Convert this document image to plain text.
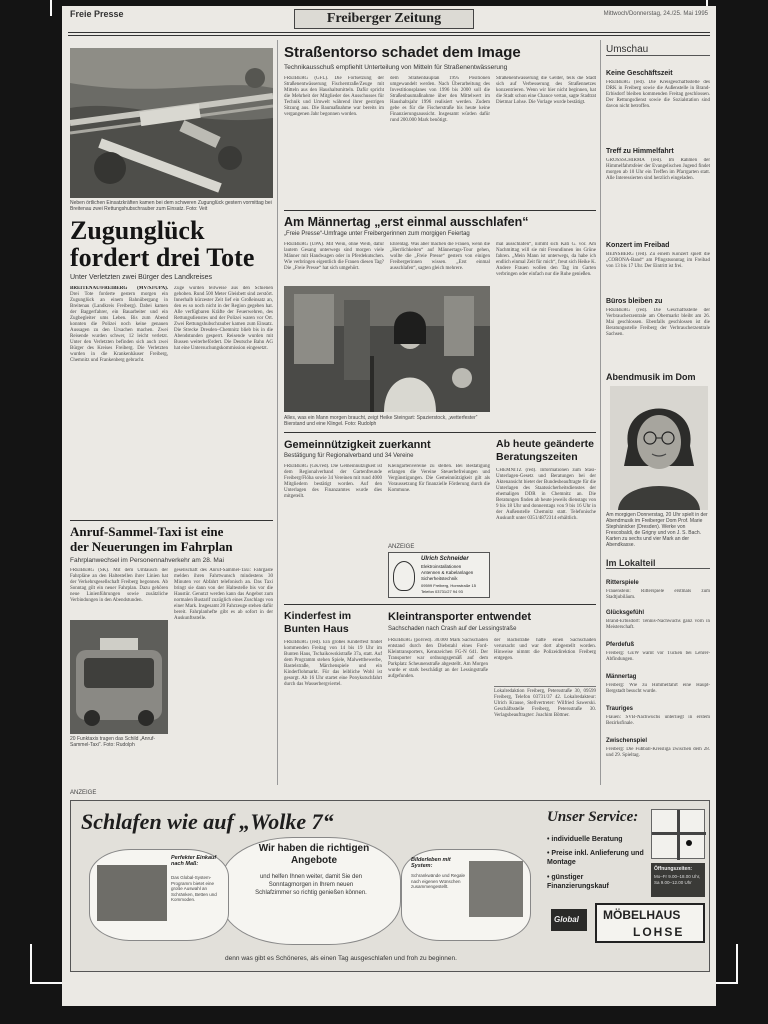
Freie Presse	Freiberger Zeitung	Mittwoch/Donnerstag, 24./25. Mai 1995
Neben örtlichen Einsatzkräften kamen bei dem schweren Zugunglück gestern vormittag bei Breitenau zwei Rettungshubschrauber zum Einsatz. Foto: Veit
Zugunglück
fordert drei Tote
Unter Verletzten zwei Bürger des Landkreises
BREITENAU/FREIBERG (MV/SJ/UPA). Drei Tote forderte gestern morgen ein Zugunglück an einem Bahnübergang in Breitenau (Landkreis Freiberg). Dabei kamen der Baggerfahrer, ein Bauarbeiter und ein Zugbegleiter ums Leben. Bis zum Abend konnten die Polizei noch keine genauen Aussagen zu den Ursachen machen. Zwei Reisende wurden schwer, 12 leicht verletzt. Unter den Verletzten befinden sich auch zwei Bürger des Kreises Freiberg. Die Verletzten wurden in die Krankenhäuser Freiberg, Chemnitz und Frankenberg gebracht.
Züge wurden teilweise aus den Schienen gehoben. Rund 500 Meter Gleisbett sind zerstört. Innerhalb kürzester Zeit lief ein Großeinsatz an, den es so noch nicht in der Region gegeben hat. Alle verfügbaren Kräfte der Feuerwehren, des Rettungsdienstes und der Polizei waren vor Ort. Zwei Rettungshubschrauber kamen zum Einsatz. Die Strecke Dresden–Chemnitz blieb bis in die Abendstunden gesperrt. Reisende wurden mit Bussen weiterbefördert. Die Deutsche Bahn AG hat eine Untersuchungskommission eingesetzt.
Anruf-Sammel-Taxi ist eine
der Neuerungen im Fahrplan
Fahrplanwechsel im Personennahverkehr am 28. Mai
FREIBERG (SK). Mit dem Umtausch der Fahrpläne an den Haltestellen ihrer Linien hat der Verkehrsgesellschaft Freiberg begonnen. Ab Sonntag gilt ein neuer Fahrplan. Dazu gehören neue Linienführungen sowie zusätzliche Verbindungen in den Abendstunden.
20 Funktaxis tragen das Schild „Anruf-Sammel-Taxi“. Foto: Rudolph
gesellschaft des Anruf-Sammel-Taxi: Fahrgäste melden ihren Fahrtwunsch mindestens 30 Minuten vor Abfahrt telefonisch an. Das Taxi bringt sie dann von der Haltestelle bis vor die Haustür. Genutzt werden kann das Angebot zum normalen Bustarif zuzüglich eines Zuschlags von einer Mark. Insgesamt 20 Fahrzeuge stehen dafür bereit. Fahrplanhefte gibt es ab sofort in der Auskunftsstelle.
Straßentorso schadet dem Image
Technikausschuß empfiehlt Unterteilung von Mitteln für Straßenentwässerung
FREIBERG (GFL). Die Fortsetzung der Straßenentwässerung Fischerstraße/Zeuge mit Mitteln aus den Haushaltsmitteln. Dafür spricht die Mehrheit der Mitglieder des Ausschusses für Technik und Umwelt während ihrer gestrigen Sitzung aus. Die Baumaßnahme war bereits im vergangenen Jahr begonnen worden.
dem Straßenbauplan 1995 Positionen umgewandelt werden. Nach Überarbeitung des Investitionsplanes von 1996 bis 2000 soll die Straßenbaumaßnahme über den Mittelwert im Haushaltsjahr 1996 realisiert werden. Zudem gebe es für die Fischerstraße bis heute keine Finanzierungsaussicht. Insgesamt würden dafür rund 200.000 Mark benötigt.
Straßenentwässerung die Gelder, teils die Stadt sich auf Verbesserung des Straßennetzes konzentrieren. Wenn wir hier nicht beginnen, hat die Stadt schon eine Chance vertan, sagte Stadtrat Dietmar Lohse. Die Vorlage wurde bestätigt.
Am Männertag „erst einmal ausschlafen“
„Freie Presse“-Umfrage unter Freibergerinnen zum morgigen Feiertag
FREIBERG (UPA). Mit Wein, ohne Weib, dafür lautem Gesang unterwegs sind morgen viele Männer mit Handwagen oder in Pferdekutschen. Wie verbringen eigentlich die Frauen diesen Tag? Die „Freie Presse“ hat sich umgehört.
Ehrentag. Was aber machen die Frauen, wenn die „Herrlichkeiten“ auf Männertags-Tour gehen, wollte die „Freie Presse“ gestern von einigen Freibergerinnen wissen. „Erst einmal ausschlafen“, sagten gleich mehrere.
Alles, was ein Mann morgen braucht, zeigt Heike Steingart: Spazierstock, „wetterfester“ Bierstand und eine Klingel. Foto: Rudolph
mal ausschlafen“, nimmt sich Kati G. vor. Am Nachmittag will sie mit Freundinnen ins Grüne fahren. „Mein Mann ist unterwegs, da habe ich endlich einmal Zeit für mich“, freut sich Heike K. Andere Frauen wollen den Tag im Garten verbringen oder einfach nur die Ruhe genießen.
Gemeinnützigkeit zuerkannt
Bestätigung für Regionalverband und 34 Vereine
FREIBERG (GK/red). Die Gemeinnützigkeit ist dem Regionalverband der Gartenfreunde Freiberg/Flöha sowie 34 Vereinen mit rund 4000 Mitgliedern bestätigt worden. Auf den Unterlagen des Finanzamtes wurde dies mitgeteilt.
Kleingartenvereine zu stellen. Bei Bestätigung erlangen die Vereine Steuerbefreiungen und Vergünstigungen. Die Gemeinnützigkeit gilt als Voraussetzung für finanzielle Förderung durch die Kommune.
ANZEIGE
Ulrich Schneider
Elektroinstallationen
Antennen & Kabelanlagen
Sicherheitstechnik
09599 Freiberg, Hornstraße 15
Telefon 03731/27 94 93
Ab heute geänderte
Beratungszeiten
CHEMNITZ (red). Informationen zum Stasi-Unterlagen-Gesetz und Beratungen bei der Aktenansicht bietet der Bundesbeauftragte für die Unterlagen des Staatssicherheitsdienstes der ehemaligen DDR in Chemnitz an. Die Beratungen finden ab heute jeweils dienstags von 9 bis 18 Uhr und donnerstags von 9 bis 16 Uhr in der Außenstelle Chemnitz statt. Telefonische Auskunft unter 0351/4872314 erhältlich.
Kinderfest im
Bunten Haus
FREIBERG (red). Ein großes Kinderfest findet kommenden Freitag von 14 bis 19 Uhr im Bunten Haus, Tschaikowskistraße 37a, statt. Auf dem Programm stehen Spiele, Malwettbewerbe, Bastelstraße, Märchenspiele und ein Kinderflohmarkt. Für das leibliche Wohl ist gesorgt. Ab 16 Uhr startet eine Ponykutschfahrt durch das Wasserbergviertel.
Kleintransporter entwendet
Sachschaden nach Crash auf der Lessingstraße
FREIBERG (pol/red). 30.000 Mark Sachschaden entstand durch den Diebstahl eines Ford-Kleintransporters, Kennzeichen FG-N 641. Der Transporter war ordnungsgemäß auf dem Parkplatz Scheunenstraße abgestellt. Am Morgen wurde er stark beschädigt an der Lessingstraße aufgefunden.
der Bachstraße hatte einen Sachschaden verursacht und war dort abgestellt worden. Hinweise nimmt die Polizeidirektion Freiberg entgegen.
Lokalredaktion Freiberg, Petersstraße 30, 09599 Freiberg, Telefon 03731/37 42. Lokalredakteur: Ulrich Krause, Stellvertreter: Wilfried Sawerski. Geschäftsstelle Freiberg, Petersstraße 30. Verlagsbeauftragter: Joachim Böttner.
Umschau
Keine Geschäftszeit
FREIBERG (red). Die Kreisgeschäftsstelle des DRK in Freiberg sowie die Außenstelle in Brand-Erbisdorf bleiben kommenden Freitag geschlossen. Der Rettungsdienst sowie die Sozialstation sind davon nicht betroffen.
Treff zu Himmelfahrt
GROSSSCHIRMA (red). Im Rahmen der Himmelfahrtsfeier der Evangelischen Jugend findet morgen ab 10 Uhr ein Treffen im Pfarrgarten statt. Alle Interessierten sind herzlich eingeladen.
Konzert im Freibad
BEINSBERG (red). Zu einem Konzert spielt die „CORONA-Band“ am Pfingstsonntag im Freibad von 13 bis 17 Uhr. Der Eintritt ist frei.
Büros bleiben zu
FREIBERG (red). Die Geschäftsstelle der Verbraucherzentrale am Obermarkt bleibt am 26. Mai geschlossen. Ebenfalls geschlossen ist die Beratungsstelle Freiberg der Verbraucherzentrale Sachsen.
Abendmusik im Dom
Am morgigen Donnerstag, 20 Uhr spielt in der Abendmusik im Freiberger Dom Prof. Marie Stephänicker (Dresden). Werke von Frescobaldi, de Grigny und von J. S. Bach. Karten zu sechs und vier Mark an der Abendkasse.
Im Lokalteil
Ritterspiele
Frauenstein: Ritterspiele erstmals zum Stadtjubiläum.
Glücksgefühl
Brand-Erbisdorf: Tennis-Nachwuchs ganz vorn in Meisterschaft.
Pferdefuß
Freiberg: GEW warnt vor Tücken bei Lehrer-Abfindungen.
Männertag
Freiberg: Wie zu Himmelfahrt eine Haupt-Bergstadt besucht wurde.
Trauriges
Flauen: SVB-Nachwuchs unterliegt in erstem Bezirksfinale.
Zwischenspiel
Freiberg: Die Fußball-Kreisliga zwischen dem 28. und 29. Spieltag.
ANZEIGE
Schlafen wie auf „Wolke 7“
Wir haben die richtigen Angebote
und helfen Ihnen weiter, damit Sie den Sonntagmorgen in Ihrem neuen Schlafzimmer so richtig genießen können.
Perfekter Einkauf nach Maß:
Das Global-System-Programm bietet eine große Auswahl an Schränken, Betten und Kommoden.
Bilderleben mit System:
Schrankwände und Regale nach eigenen Wünschen zusammengestellt.
Unser Service:
• individuelle Beratung
• Preise inkl. Anlieferung und Montage
• günstiger Finanzierungskauf
Öffnungszeiten:
Mo–Fr 9.00–18.00 Uhr, Sa 9.00–12.00 Uhr
Global MÖBELHAUS
LOHSE
denn was gibt es Schöneres, als einen Tag ausgeschlafen und froh zu beginnen.
